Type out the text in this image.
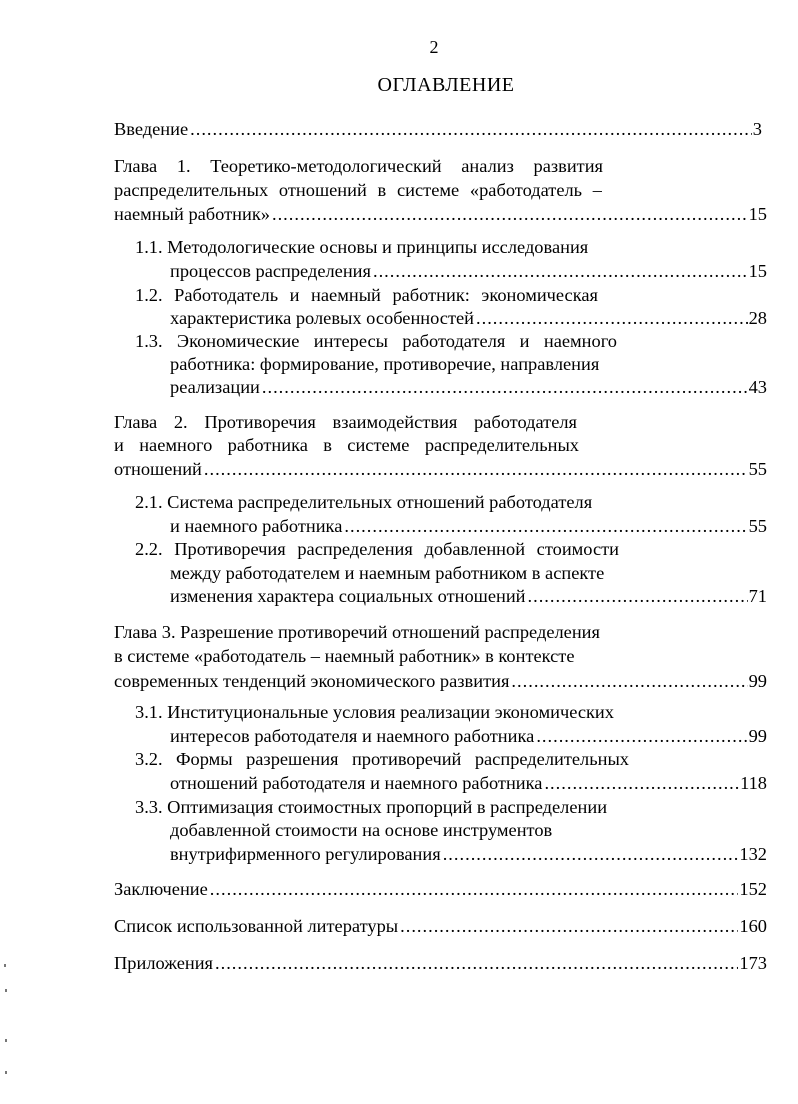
2
ОГЛАВЛЕНИЕ
Введение .....	3
Глава 1. Теоретико-методологический анализ развития
распределительных отношений в системе «работодатель –
наемный работник» .....	15
1.1. Методологические основы и принципы исследования
процессов распределения .....	15
1.2. Работодатель и наемный работник: экономическая
характеристика ролевых особенностей .....	28
1.3. Экономические интересы работодателя и наемного
работника: формирование, противоречие, направления
реализации .....	43
Глава 2. Противоречия взаимодействия работодателя
и наемного работника в системе распределительных
отношений .....	55
2.1. Система распределительных отношений работодателя
и наемного работника .....	55
2.2. Противоречия распределения добавленной стоимости
между работодателем и наемным работником в аспекте
изменения характера социальных отношений .....	71
Глава 3. Разрешение противоречий отношений распределения
в системе «работодатель – наемный работник» в контексте
современных тенденций экономического развития .....	99
3.1. Институциональные условия реализации экономических
интересов работодателя и наемного работника .....	99
3.2. Формы разрешения противоречий распределительных
отношений работодателя и наемного работника .....	118
3.3. Оптимизация стоимостных пропорций в распределении
добавленной стоимости на основе инструментов
внутрифирменного регулирования .....	132
Заключение .....	152
Список использованной литературы .....	160
Приложения .....	173
